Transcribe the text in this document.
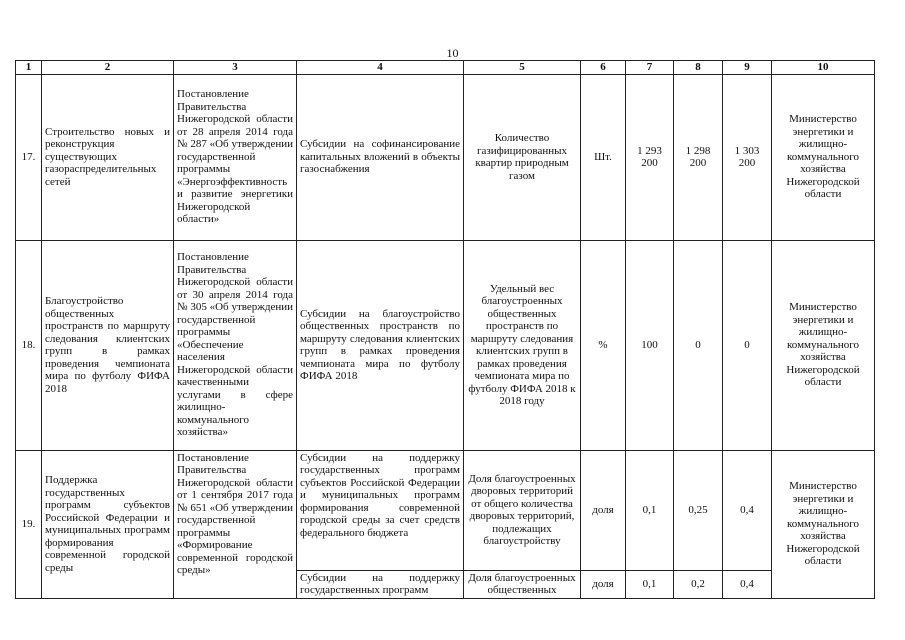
10
1	2	3	4	5	6	7	8	9	10
17.	Строительство новых и реконструкция существующих газораспределительных сетей	Постановление Правительства Нижегородской области от 28 апреля 2014 года № 287 «Об утверждении государственной программы «Энергоэффективность и развитие энергетики Нижегородской области»	Субсидии на софинансирование капитальных вложений в объекты газоснабжения	Количество газифицированных квартир природным газом	Шт.	1 293 200	1 298 200	1 303 200	Министерство энергетики и жилищно-коммунального хозяйства Нижегородской области
18.	Благоустройство общественных пространств по маршруту следования клиентских групп в рамках проведения чемпионата мира по футболу ФИФА 2018	Постановление Правительства Нижегородской области от 30 апреля 2014 года № 305 «Об утверждении государственной программы «Обеспечение населения Нижегородской области качественными услугами в сфере жилищно-коммунального хозяйства»	Субсидии на благоустройство общественных пространств по маршруту следования клиентских групп в рамках проведения чемпионата мира по футболу ФИФА 2018	Удельный вес благоустроенных общественных пространств по маршруту следования клиентских групп в рамках проведения чемпионата мира по футболу ФИФА 2018 к 2018 году	%	100	0	0	Министерство энергетики и жилищно-коммунального хозяйства Нижегородской области
19.	Поддержка государственных программ субъектов Российской Федерации и муниципальных программ формирования современной городской среды	Постановление Правительства Нижегородской области от 1 сентября 2017 года № 651 «Об утверждении государственной программы «Формирование современной городской среды»	Субсидии на поддержку государственных программ субъектов Российской Федерации и муниципальных программ формирования современной городской среды за счет средств федерального бюджета	Доля благоустроенных дворовых территорий от общего количества дворовых территорий, подлежащих благоустройству	доля	0,1	0,25	0,4	Министерство энергетики и жилищно-коммунального хозяйства Нижегородской области
			Субсидии на поддержку государственных программ	Доля благоустроенных общественных	доля	0,1	0,2	0,4	
